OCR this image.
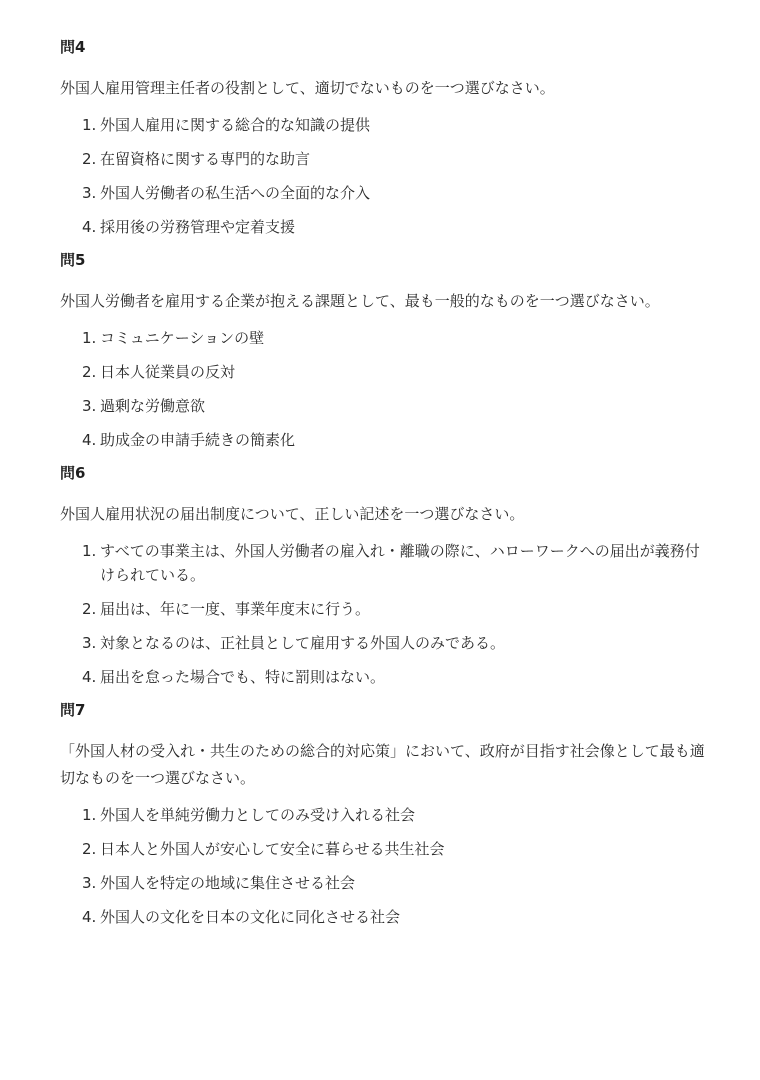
問4

外国人雇用管理主任者の役割として、適切でないものを一つ選びなさい。

1. 外国人雇用に関する総合的な知識の提供
2. 在留資格に関する専門的な助言
3. 外国人労働者の私生活への全面的な介入
4. 採用後の労務管理や定着支援
問5

外国人労働者を雇用する企業が抱える課題として、最も一般的なものを一つ選びなさい。

1. コミュニケーションの壁
2. 日本人従業員の反対
3. 過剰な労働意欲
4. 助成金の申請手続きの簡素化
問6

外国人雇用状況の届出制度について、正しい記述を一つ選びなさい。

1. すべての事業主は、外国人労働者の雇入れ・離職の際に、ハローワークへの届出が義務付けられている。
2. 届出は、年に一度、事業年度末に行う。
3. 対象となるのは、正社員として雇用する外国人のみである。
4. 届出を怠った場合でも、特に罰則はない。
問7

「外国人材の受入れ・共生のための総合的対応策」において、政府が目指す社会像として最も適切なものを一つ選びなさい。

1. 外国人を単純労働力としてのみ受け入れる社会
2. 日本人と外国人が安心して安全に暮らせる共生社会
3. 外国人を特定の地域に集住させる社会
4. 外国人の文化を日本の文化に同化させる社会
